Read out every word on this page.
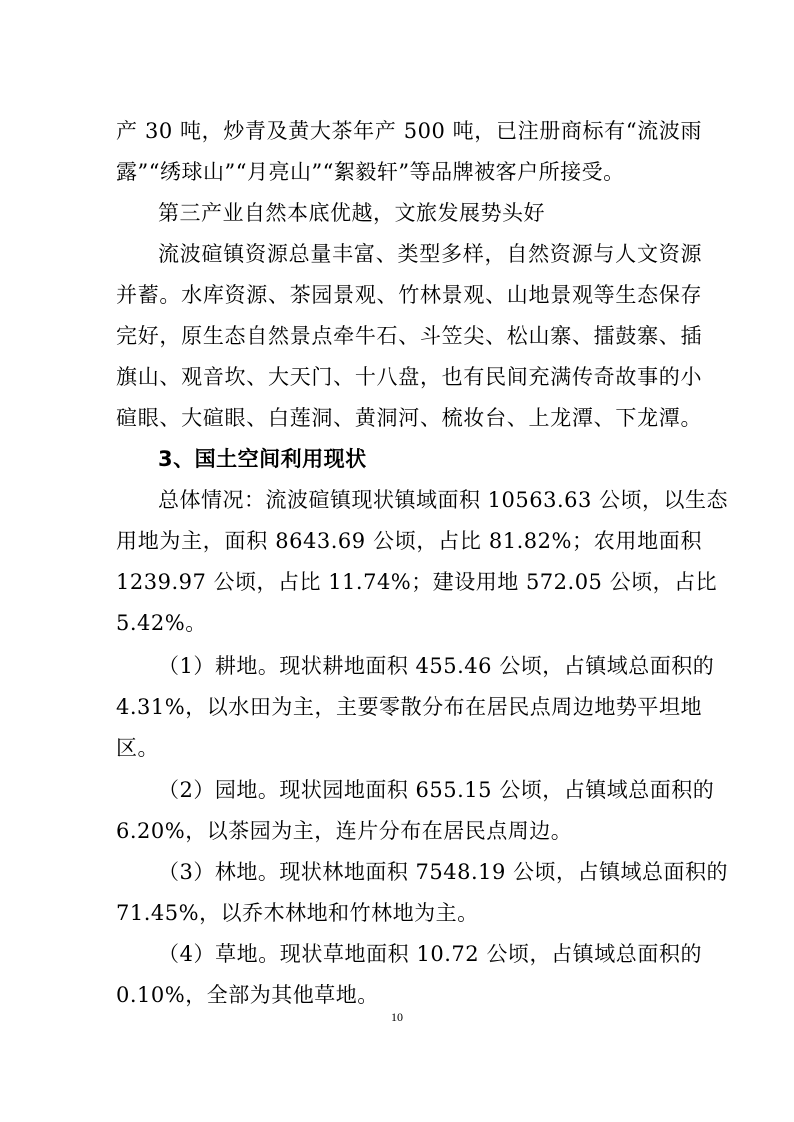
产 30 吨，炒青及黄大茶年产 500 吨，已注册商标有“流波雨
露”“绣球山”“月亮山”“絮毅轩”等品牌被客户所接受。
第三产业自然本底优越，文旅发展势头好
流波碹镇资源总量丰富、类型多样，自然资源与人文资源
并蓄。水库资源、茶园景观、竹林景观、山地景观等生态保存
完好，原生态自然景点牵牛石、斗笠尖、松山寨、擂鼓寨、插
旗山、观音坎、大天门、十八盘，也有民间充满传奇故事的小
碹眼、大碹眼、白莲洞、黄洞河、梳妆台、上龙潭、下龙潭。
3、国土空间利用现状
总体情况：流波碹镇现状镇域面积 10563.63 公顷，以生态
用地为主，面积 8643.69 公顷，占比 81.82%；农用地面积
1239.97 公顷，占比 11.74%；建设用地 572.05 公顷，占比
5.42%。
（1）耕地。现状耕地面积 455.46 公顷，占镇域总面积的
4.31%，以水田为主，主要零散分布在居民点周边地势平坦地
区。
（2）园地。现状园地面积 655.15 公顷，占镇域总面积的
6.20%，以茶园为主，连片分布在居民点周边。
（3）林地。现状林地面积 7548.19 公顷，占镇域总面积的
71.45%，以乔木林地和竹林地为主。
（4）草地。现状草地面积 10.72 公顷，占镇域总面积的
0.10%，全部为其他草地。
10
